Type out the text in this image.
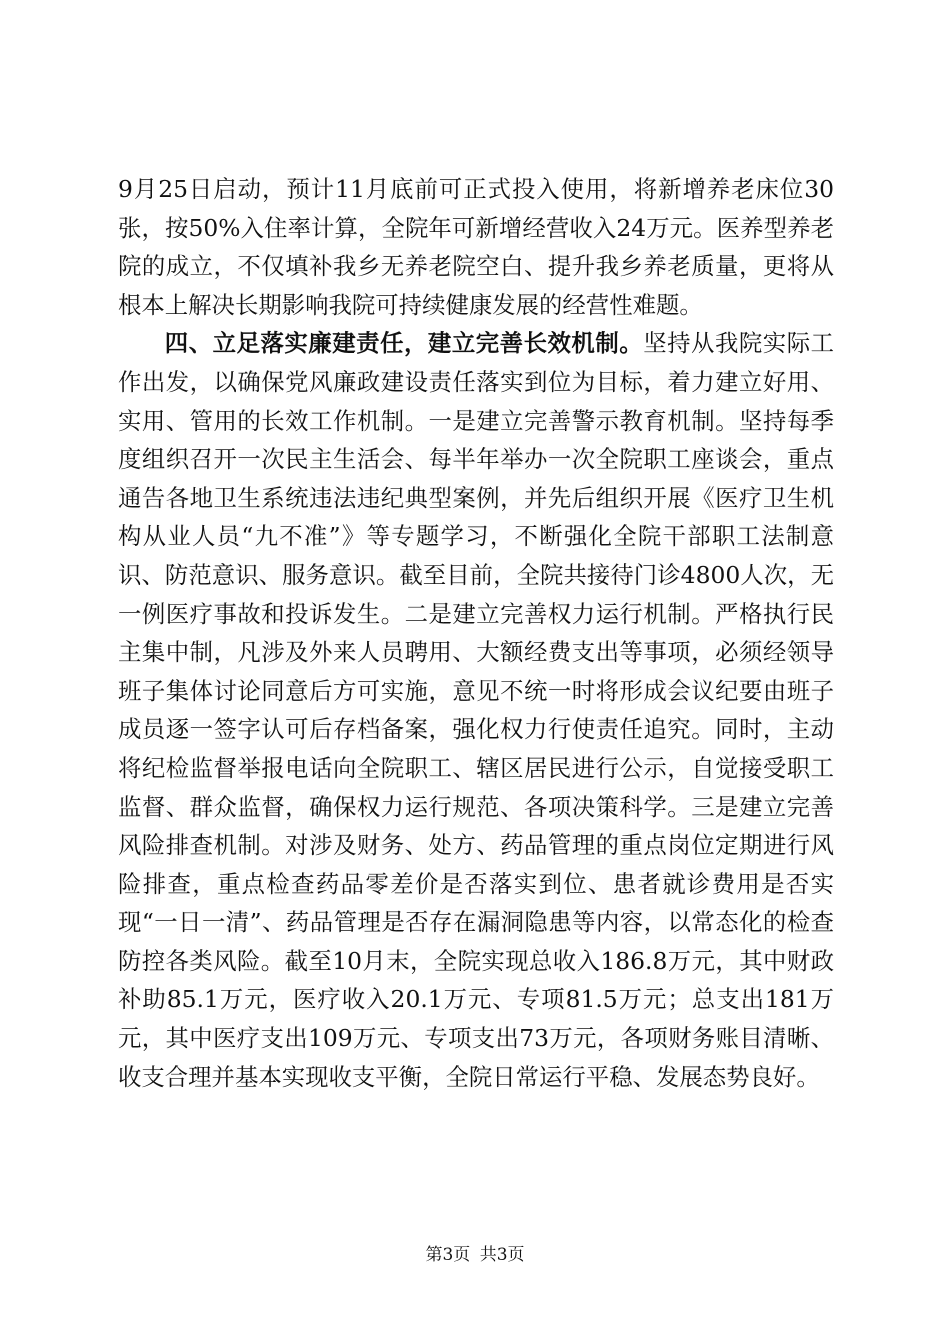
9月25日启动，预计11月底前可正式投入使用，将新增养老床位30张，按50%入住率计算，全院年可新增经营收入24万元。医养型养老院的成立，不仅填补我乡无养老院空白、提升我乡养老质量，更将从根本上解决长期影响我院可持续健康发展的经营性难题。

四、立足落实廉建责任，建立完善长效机制。坚持从我院实际工作出发，以确保党风廉政建设责任落实到位为目标，着力建立好用、实用、管用的长效工作机制。一是建立完善警示教育机制。坚持每季度组织召开一次民主生活会、每半年举办一次全院职工座谈会，重点通告各地卫生系统违法违纪典型案例，并先后组织开展《医疗卫生机构从业人员“九不准”》等专题学习，不断强化全院干部职工法制意识、防范意识、服务意识。截至目前，全院共接待门诊4800人次，无一例医疗事故和投诉发生。二是建立完善权力运行机制。严格执行民主集中制，凡涉及外来人员聘用、大额经费支出等事项，必须经领导班子集体讨论同意后方可实施，意见不统一时将形成会议纪要由班子成员逐一签字认可后存档备案，强化权力行使责任追究。同时，主动将纪检监督举报电话向全院职工、辖区居民进行公示，自觉接受职工监督、群众监督，确保权力运行规范、各项决策科学。三是建立完善风险排查机制。对涉及财务、处方、药品管理的重点岗位定期进行风险排查，重点检查药品零差价是否落实到位、患者就诊费用是否实现“一日一清”、药品管理是否存在漏洞隐患等内容，以常态化的检查防控各类风险。截至10月末，全院实现总收入186.8万元，其中财政补助85.1万元，医疗收入20.1万元、专项81.5万元；总支出181万元，其中医疗支出109万元、专项支出73万元，各项财务账目清晰、收支合理并基本实现收支平衡，全院日常运行平稳、发展态势良好。

第3页 共3页
